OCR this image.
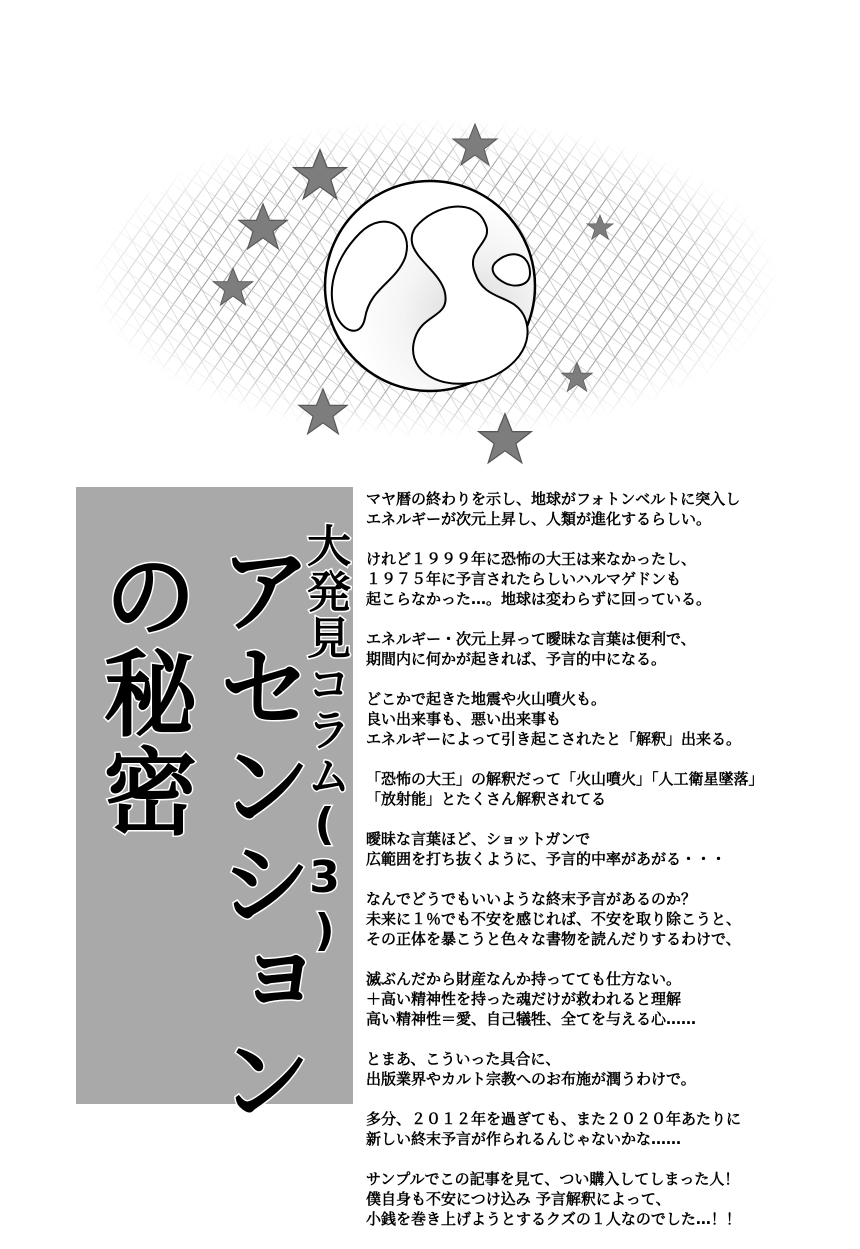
大発見コラム(3)
アセンション
の秘密

マヤ暦の終わりを示し、地球がフォトンベルトに突入し
エネルギーが次元上昇し、人類が進化するらしい。

けれど１９９９年に恐怖の大王は来なかったし、
１９７５年に予言されたらしいハルマゲドンも
起こらなかった…。地球は変わらずに回っている。

エネルギー・次元上昇って曖昧な言葉は便利で、
期間内に何かが起きれば、予言的中になる。

どこかで起きた地震や火山噴火も。
良い出来事も、悪い出来事も
エネルギーによって引き起こされたと「解釈」出来る。

「恐怖の大王」の解釈だって「火山噴火」「人工衛星墜落」
「放射能」とたくさん解釈されてる

曖昧な言葉ほど、ショットガンで
広範囲を打ち抜くように、予言的中率があがる・・・

なんでどうでもいいような終末予言があるのか？
未来に１％でも不安を感じれば、不安を取り除こうと、
その正体を暴こうと色々な書物を読んだりするわけで、

滅ぶんだから財産なんか持ってても仕方ない。
＋高い精神性を持った魂だけが救われると理解
高い精神性＝愛、自己犠牲、全てを与える心……

とまあ、こういった具合に、
出版業界やカルト宗教へのお布施が潤うわけで。

多分、２０１２年を過ぎても、また２０２０年あたりに
新しい終末予言が作られるんじゃないかな……

サンプルでこの記事を見て、つい購入してしまった人！
僕自身も不安につけ込み 予言解釈によって、
小銭を巻き上げようとするクズの１人なのでした…！！
